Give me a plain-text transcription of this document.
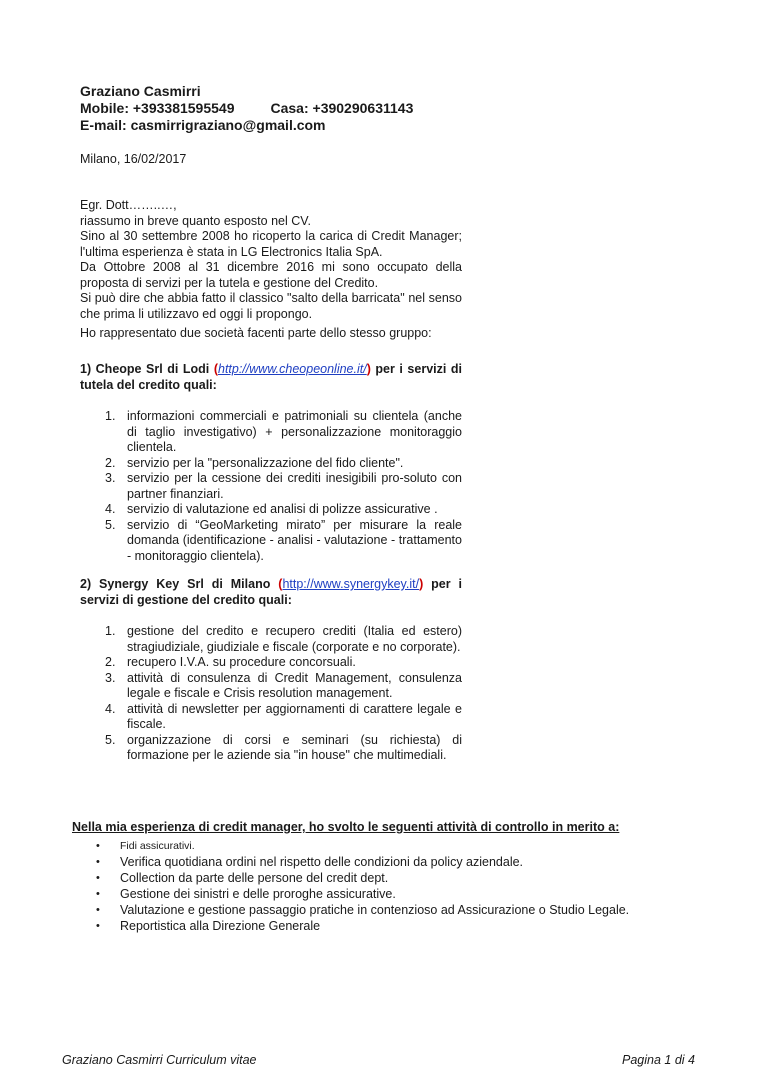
Graziano Casmirri
Mobile: +393381595549	Casa: +390290631143
E-mail: casmirrigraziano@gmail.com
Milano, 16/02/2017

Egr. Dott……..…,

riassumo in breve quanto esposto nel CV.

Sino al 30 settembre 2008 ho ricoperto la carica di Credit Manager; l'ultima esperienza è stata in LG Electronics Italia SpA.

Da Ottobre 2008 al 31 dicembre 2016 mi sono occupato della proposta di servizi per la tutela e gestione del Credito.

Si può dire che abbia fatto il classico "salto della barricata" nel senso che prima li utilizzavo ed oggi li propongo.

Ho rappresentato due società facenti parte dello stesso gruppo:
1) Cheope Srl di Lodi (http://www.cheopeonline.it/) per i servizi di tutela del credito quali:
1. informazioni commerciali e patrimoniali su clientela (anche di taglio investigativo) + personalizzazione monitoraggio clientela.
2. servizio per la "personalizzazione del fido cliente".
3. servizio per la cessione dei crediti inesigibili pro-soluto con partner finanziari.
4. servizio di valutazione ed analisi di polizze assicurative .
5. servizio di “GeoMarketing mirato” per misurare la reale domanda (identificazione - analisi - valutazione - trattamento - monitoraggio clientela).
2) Synergy Key Srl di Milano (http://www.synergykey.it/) per i servizi di gestione del credito quali:
1. gestione del credito e recupero crediti (Italia ed estero) stragiudiziale, giudiziale e fiscale (corporate e no corporate).
2. recupero I.V.A. su procedure concorsuali.
3. attività di consulenza di Credit Management, consulenza legale e fiscale e Crisis resolution management.
4. attività di newsletter per aggiornamenti di carattere legale e fiscale.
5. organizzazione di corsi e seminari (su richiesta) di formazione per le aziende sia "in house" che multimediali.
Nella mia esperienza di credit manager, ho svolto le seguenti attività di controllo in merito a:
• Fidi assicurativi.
• Verifica quotidiana ordini nel rispetto delle condizioni da policy aziendale.
• Collection da parte delle persone del credit dept.
• Gestione dei sinistri e delle proroghe assicurative.
• Valutazione e gestione passaggio pratiche in contenzioso ad Assicurazione o Studio Legale.
• Reportistica alla Direzione Generale
Graziano Casmirri Curriculum vitae	Pagina 1 di 4
